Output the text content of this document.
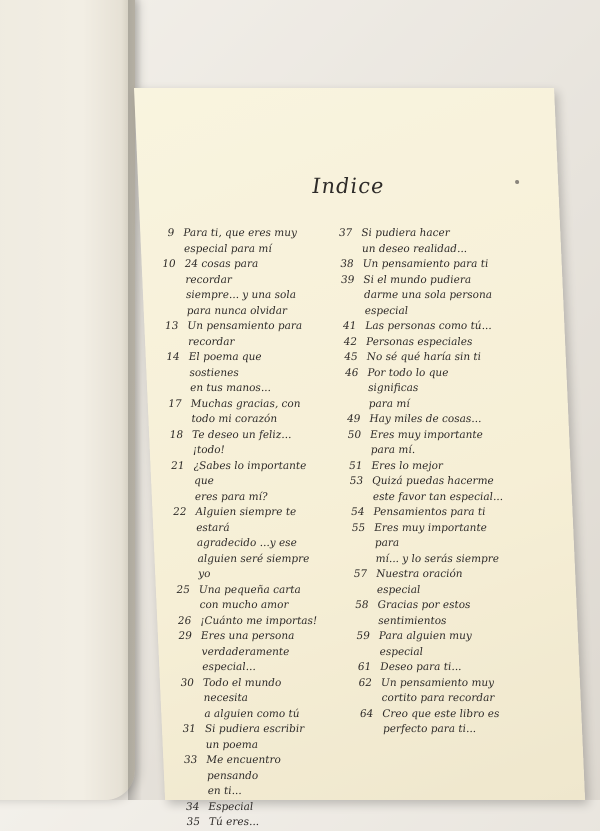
Indice
9 Para ti, que eres muy
especial para mí
10 24 cosas para recordar
siempre... y una sola
para nunca olvidar
13 Un pensamiento para
recordar
14 El poema que sostienes
en tus manos...
17 Muchas gracias, con
todo mi corazón
18 Te deseo un feliz... ¡todo!
21 ¿Sabes lo importante que
eres para mí?
22 Alguien siempre te estará
agradecido ...y ese
alguien seré siempre yo
25 Una pequeña carta
con mucho amor
26 ¡Cuánto me importas!
29 Eres una persona
verdaderamente especial...
30 Todo el mundo necesita
a alguien como tú
31 Si pudiera escribir
un poema
33 Me encuentro pensando
en ti...
34 Especial
35 Tú eres...
37 Si pudiera hacer
un deseo realidad...
38 Un pensamiento para ti
39 Si el mundo pudiera
darme una sola persona
especial
41 Las personas como tú...
42 Personas especiales
45 No sé qué haría sin ti
46 Por todo lo que significas
para mí
49 Hay miles de cosas...
50 Eres muy importante
para mí.
51 Eres lo mejor
53 Quizá puedas hacerme
este favor tan especial...
54 Pensamientos para ti
55 Eres muy importante para
mí... y lo serás siempre
57 Nuestra oración especial
58 Gracias por estos
sentimientos
59 Para alguien muy especial
61 Deseo para ti...
62 Un pensamiento muy
cortito para recordar
64 Creo que este libro es
perfecto para ti...
